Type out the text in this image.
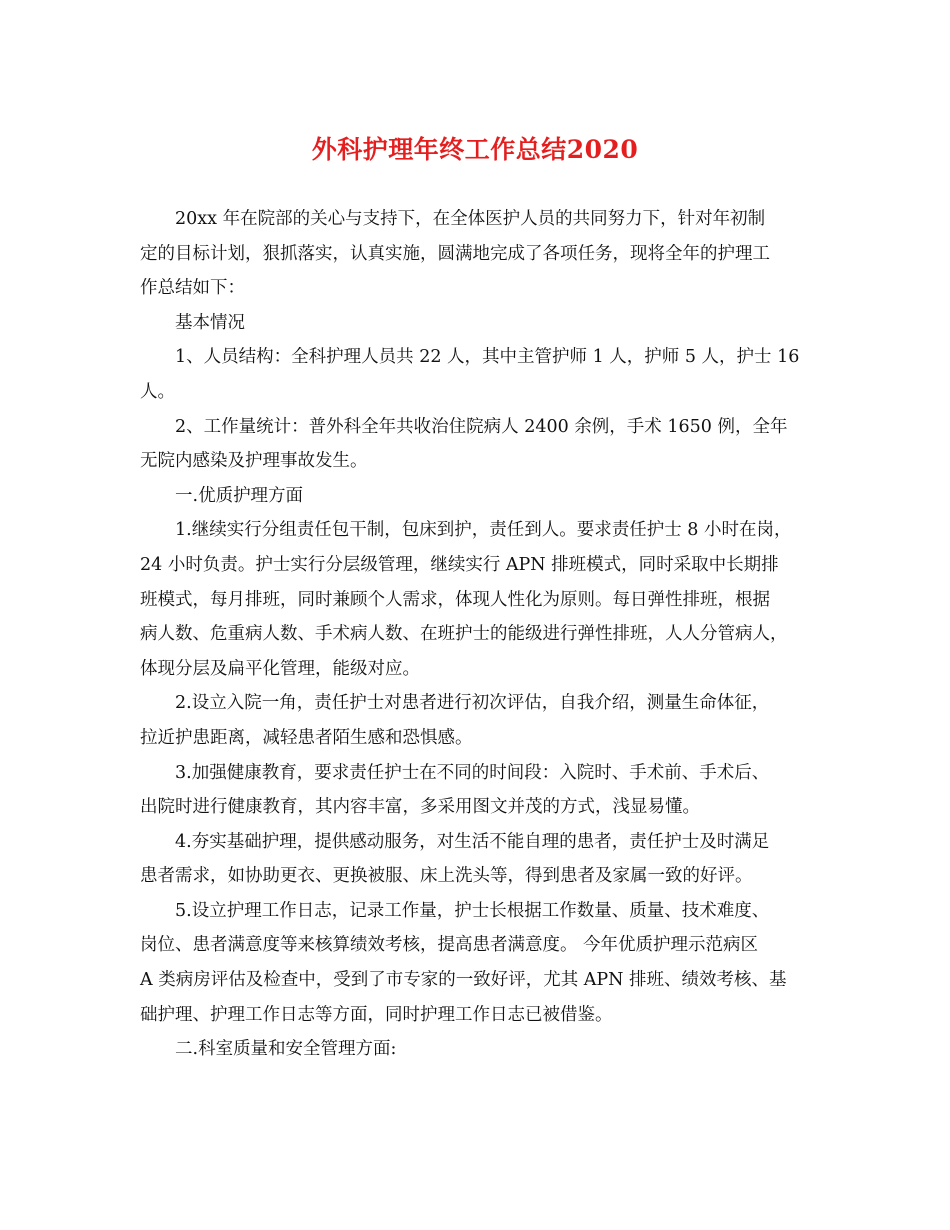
外科护理年终工作总结2020
20xx 年在院部的关心与支持下，在全体医护人员的共同努力下，针对年初制
定的目标计划，狠抓落实，认真实施，圆满地完成了各项任务，现将全年的护理工
作总结如下：
基本情况
1、人员结构：全科护理人员共 22 人，其中主管护师 1 人，护师 5 人，护士 16
人。
2、工作量统计：普外科全年共收治住院病人 2400 余例，手术 1650 例，全年
无院内感染及护理事故发生。
一.优质护理方面
1.继续实行分组责任包干制，包床到护，责任到人。要求责任护士 8 小时在岗，
24 小时负责。护士实行分层级管理，继续实行 APN 排班模式，同时采取中长期排
班模式，每月排班，同时兼顾个人需求，体现人性化为原则。每日弹性排班，根据
病人数、危重病人数、手术病人数、在班护士的能级进行弹性排班，人人分管病人，
体现分层及扁平化管理，能级对应。
2.设立入院一角，责任护士对患者进行初次评估，自我介绍，测量生命体征，
拉近护患距离，减轻患者陌生感和恐惧感。
3.加强健康教育，要求责任护士在不同的时间段：入院时、手术前、手术后、
出院时进行健康教育，其内容丰富，多采用图文并茂的方式，浅显易懂。
4.夯实基础护理，提供感动服务，对生活不能自理的患者，责任护士及时满足
患者需求，如协助更衣、更换被服、床上洗头等，得到患者及家属一致的好评。
5.设立护理工作日志，记录工作量，护士长根据工作数量、质量、技术难度、
岗位、患者满意度等来核算绩效考核，提高患者满意度。 今年优质护理示范病区
A 类病房评估及检查中，受到了市专家的一致好评，尤其 APN 排班、绩效考核、基
础护理、护理工作日志等方面，同时护理工作日志已被借鉴。
二.科室质量和安全管理方面:
